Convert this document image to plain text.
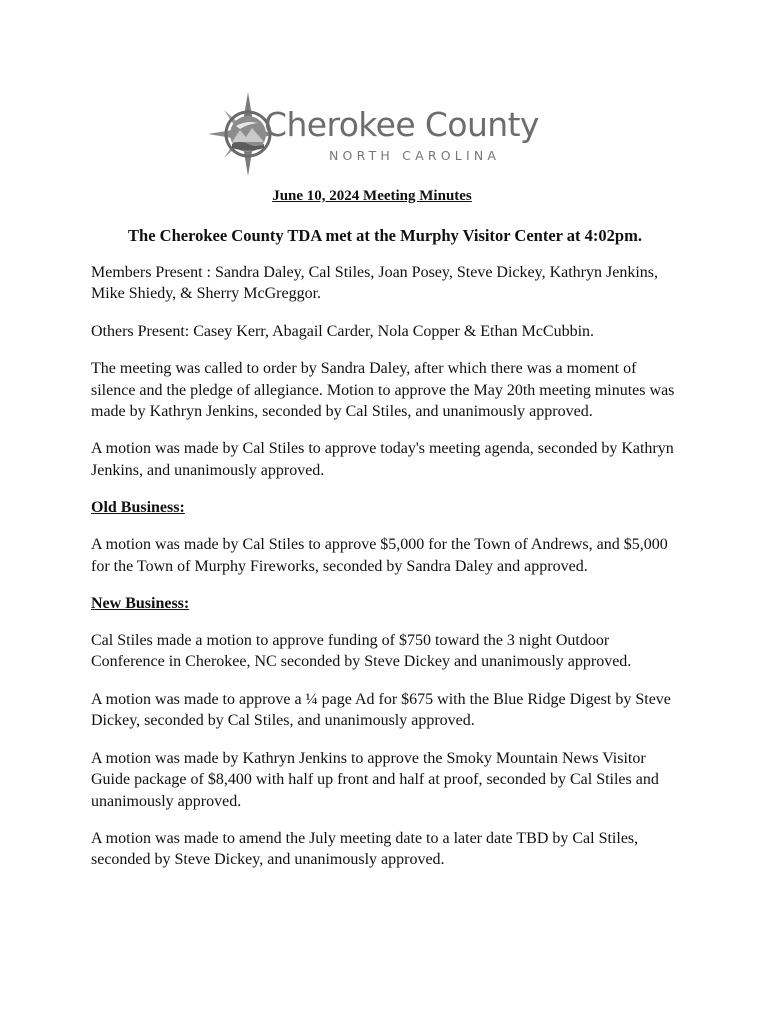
Cherokee County
NORTH CAROLINA
June 10, 2024 Meeting Minutes
The Cherokee County TDA met at the Murphy Visitor Center at 4:02pm.

Members Present : Sandra Daley, Cal Stiles, Joan Posey, Steve Dickey, Kathryn Jenkins, Mike Shiedy, & Sherry McGreggor.

Others Present: Casey Kerr, Abagail Carder, Nola Copper & Ethan McCubbin.

The meeting was called to order by Sandra Daley, after which there was a moment of silence and the pledge of allegiance. Motion to approve the May 20th meeting minutes was made by Kathryn Jenkins, seconded by Cal Stiles, and unanimously approved.

A motion was made by Cal Stiles to approve today's meeting agenda, seconded by Kathryn Jenkins, and unanimously approved.

Old Business:

A motion was made by Cal Stiles to approve $5,000 for the Town of Andrews, and $5,000 for the Town of Murphy Fireworks, seconded by Sandra Daley and approved.

New Business:

Cal Stiles made a motion to approve funding of $750 toward the 3 night Outdoor Conference in Cherokee, NC seconded by Steve Dickey and unanimously approved.

A motion was made to approve a ¼ page Ad for $675 with the Blue Ridge Digest by Steve Dickey, seconded by Cal Stiles, and unanimously approved.

A motion was made by Kathryn Jenkins to approve the Smoky Mountain News Visitor Guide package of $8,400 with half up front and half at proof, seconded by Cal Stiles and unanimously approved.

A motion was made to amend the July meeting date to a later date TBD by Cal Stiles, seconded by Steve Dickey, and unanimously approved.
